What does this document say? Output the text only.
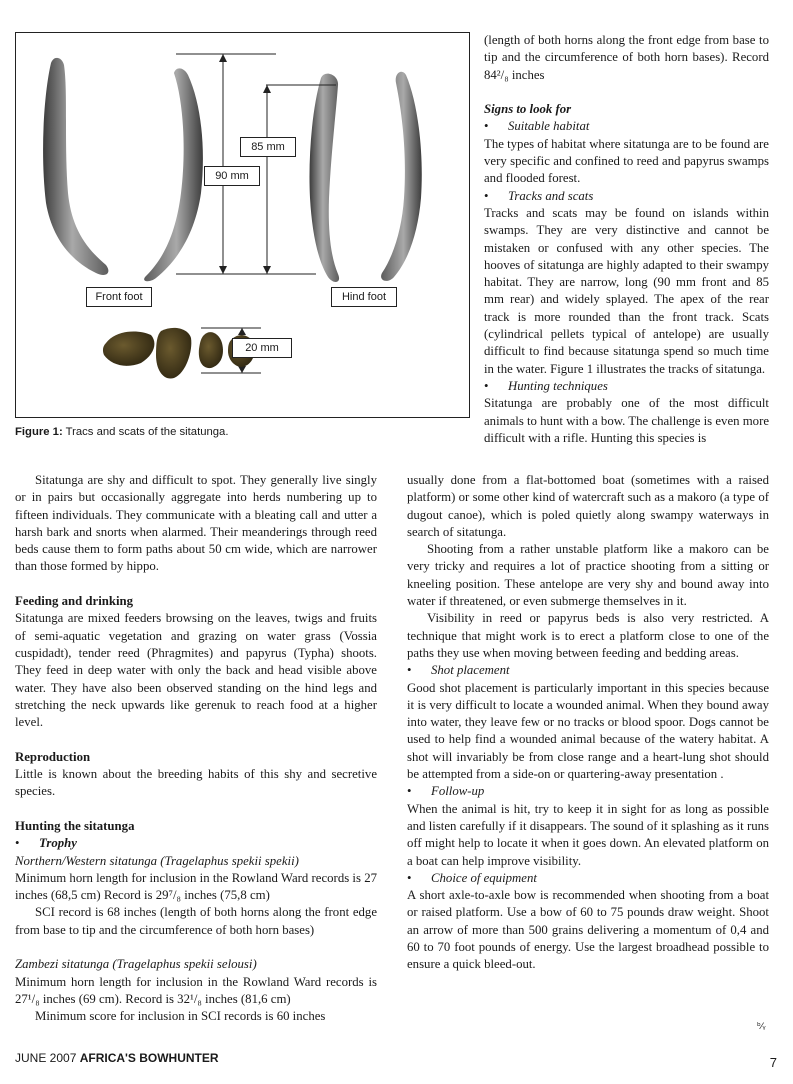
85 mm
90 mm
Front foot	Hind foot
20 mm
Figure 1: Tracs and scats of the sitatunga.

Sitatunga are shy and difficult to spot. They generally live singly or in pairs but occasionally aggregate into herds numbering up to fifteen individuals. They communicate with a bleating call and utter a harsh bark and snorts when alarmed. Their meanderings through reed beds cause them to form paths about 50 cm wide, which are narrower than those formed by hippo.

Feeding and drinking

Sitatunga are mixed feeders browsing on the leaves, twigs and fruits of semi-aquatic vegetation and grazing on water grass (Vossia cuspidadt), tender reed (Phragmites) and papyrus (Typha) shoots. They feed in deep water with only the back and head visible above water. They have also been observed standing on the hind legs and stretching the neck upwards like gerenuk to reach food at a higher level.

Reproduction

Little is known about the breeding habits of this shy and secretive species.

Hunting the sitatunga

• Trophy

Northern/Western sitatunga (Tragelaphus spekii spekii)

Minimum horn length for inclusion in the Rowland Ward records is 27 inches (68,5 cm) Record is 29⁷/₈ inches (75,8 cm)

SCI record is 68 inches (length of both horns along the front edge from base to tip and the circumference of both horn bases)

Zambezi sitatunga (Tragelaphus spekii selousi)

Minimum horn length for inclusion in the Rowland Ward records is 27¹/₈ inches (69 cm). Record is 32¹/₈ inches (81,6 cm)

Minimum score for inclusion in SCI records is 60 inches

(length of both horns along the front edge from base to tip and the circumference of both horn bases). Record 84²/₈ inches

Signs to look for

• Suitable habitat

The types of habitat where sitatunga are to be found are very specific and confined to reed and papyrus swamps and flooded forest.

• Tracks and scats

Tracks and scats may be found on islands within swamps. They are very distinctive and cannot be mistaken or confused with any other species. The hooves of sitatunga are highly adapted to their swampy habitat. They are narrow, long (90 mm front and 85 mm rear) and widely splayed. The apex of the rear track is more rounded than the front track. Scats (cylindrical pellets typical of antelope) are usually difficult to find because sitatunga spend so much time in the water. Figure 1 illustrates the tracks of sitatunga.

• Hunting techniques

Sitatunga are probably one of the most difficult animals to hunt with a bow. The challenge is even more difficult with a rifle. Hunting this species is

usually done from a flat-bottomed boat (sometimes with a raised platform) or some other kind of watercraft such as a makoro (a type of dugout canoe), which is poled quietly along swampy waterways in search of sitatunga.

Shooting from a rather unstable platform like a makoro can be very tricky and requires a lot of practice shooting from a sitting or kneeling position. These antelope are very shy and bound away into water if threatened, or even submerge themselves in it.

Visibility in reed or papyrus beds is also very restricted. A technique that might work is to erect a platform close to one of the paths they use when moving between feeding and bedding areas.

• Shot placement

Good shot placement is particularly important in this species because it is very difficult to locate a wounded animal. When they bound away into water, they leave few or no tracks or blood spoor. Dogs cannot be used to help find a wounded animal because of the watery habitat. A shot will invariably be from close range and a heart-lung shot should be attempted from a side-on or quartering-away presentation .

• Follow-up

When the animal is hit, try to keep it in sight for as long as possible and listen carefully if it disappears. The sound of it splashing as it runs off might help to locate it when it goes down. An elevated platform on a boat can help improve visibility.

• Choice of equipment

A short axle-to-axle bow is recommended when shooting from a boat or raised platform. Use a bow of 60 to 75 pounds draw weight. Shoot an arrow of more than 500 grains delivering a momentum of 0,4 and 60 to 70 foot pounds of energy. Use the largest broadhead possible to ensure a quick bleed-out.

ᵇ⁄ᵧ
JUNE 2007 AFRICA'S BOWHUNTER	7
